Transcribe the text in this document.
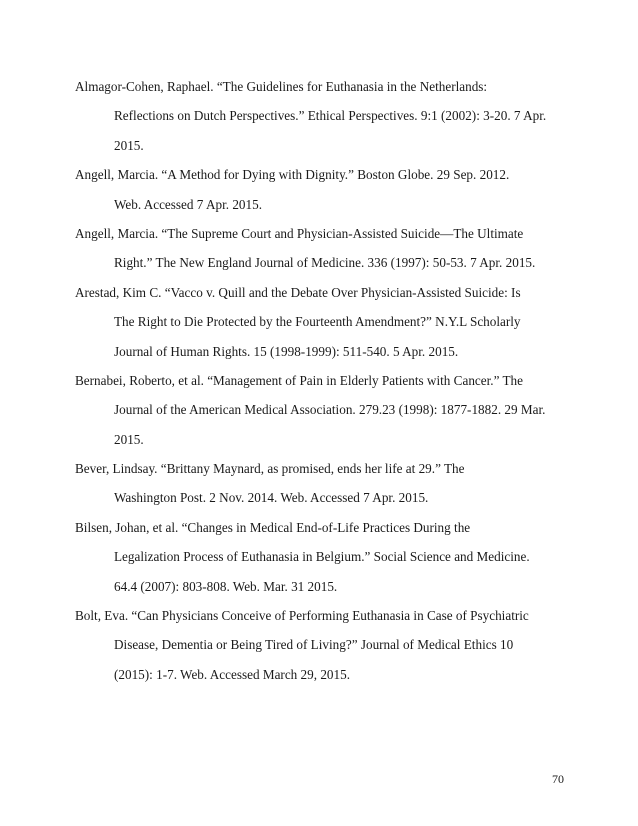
Almagor-Cohen, Raphael. “The Guidelines for Euthanasia in the Netherlands:
Reflections on Dutch Perspectives.” Ethical Perspectives. 9:1 (2002): 3-20. 7 Apr.
2015.
Angell, Marcia. “A Method for Dying with Dignity.” Boston Globe. 29 Sep. 2012.
Web. Accessed 7 Apr. 2015.
Angell, Marcia. “The Supreme Court and Physician-Assisted Suicide—The Ultimate
Right.” The New England Journal of Medicine. 336 (1997): 50-53. 7 Apr. 2015.
Arestad, Kim C. “Vacco v. Quill and the Debate Over Physician-Assisted Suicide: Is
The Right to Die Protected by the Fourteenth Amendment?” N.Y.L Scholarly
Journal of Human Rights. 15 (1998-1999): 511-540. 5 Apr. 2015.
Bernabei, Roberto, et al. “Management of Pain in Elderly Patients with Cancer.” The
Journal of the American Medical Association. 279.23 (1998): 1877-1882. 29 Mar.
2015.
Bever, Lindsay. “Brittany Maynard, as promised, ends her life at 29.” The
Washington Post. 2 Nov. 2014. Web. Accessed 7 Apr. 2015.
Bilsen, Johan, et al. “Changes in Medical End-of-Life Practices During the
Legalization Process of Euthanasia in Belgium.” Social Science and Medicine.
64.4 (2007): 803-808. Web. Mar. 31 2015.
Bolt, Eva. “Can Physicians Conceive of Performing Euthanasia in Case of Psychiatric
Disease, Dementia or Being Tired of Living?” Journal of Medical Ethics 10
(2015): 1-7. Web. Accessed March 29, 2015.
70
